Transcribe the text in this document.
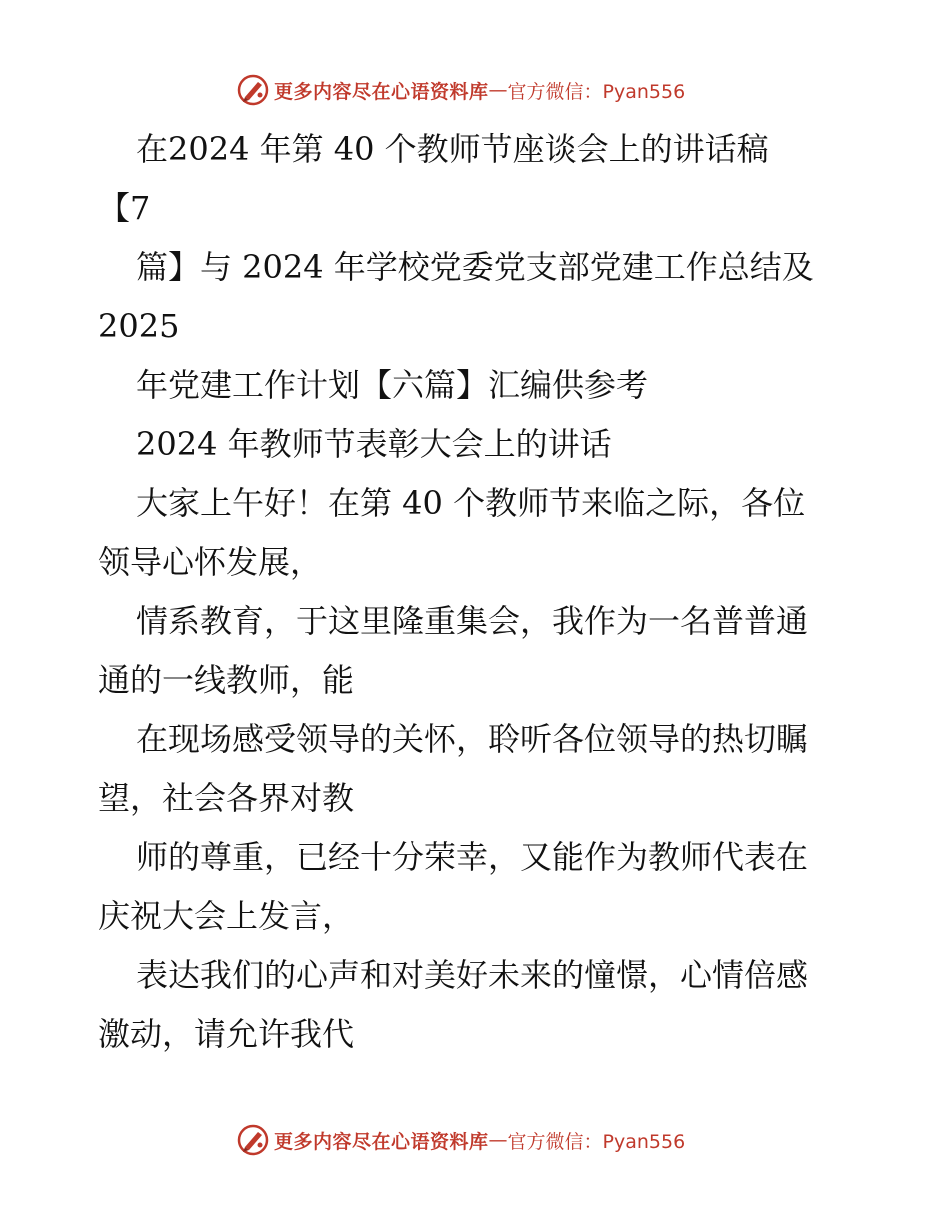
更多内容尽在心语资料库 — 官方微信：Pyan556

在2024 年第 40 个教师节座谈会上的讲话稿

【7

篇】与 2024 年学校党委党支部党建工作总结及

2025

年党建工作计划【六篇】汇编供参考

2024 年教师节表彰大会上的讲话

大家上午好！在第 40 个教师节来临之际，各位

领导心怀发展，

情系教育，于这里隆重集会，我作为一名普普通

通的一线教师，能

在现场感受领导的关怀，聆听各位领导的热切瞩

望，社会各界对教

师的尊重，已经十分荣幸，又能作为教师代表在

庆祝大会上发言，

表达我们的心声和对美好未来的憧憬，心情倍感

激动，请允许我代

更多内容尽在心语资料库 — 官方微信：Pyan556
